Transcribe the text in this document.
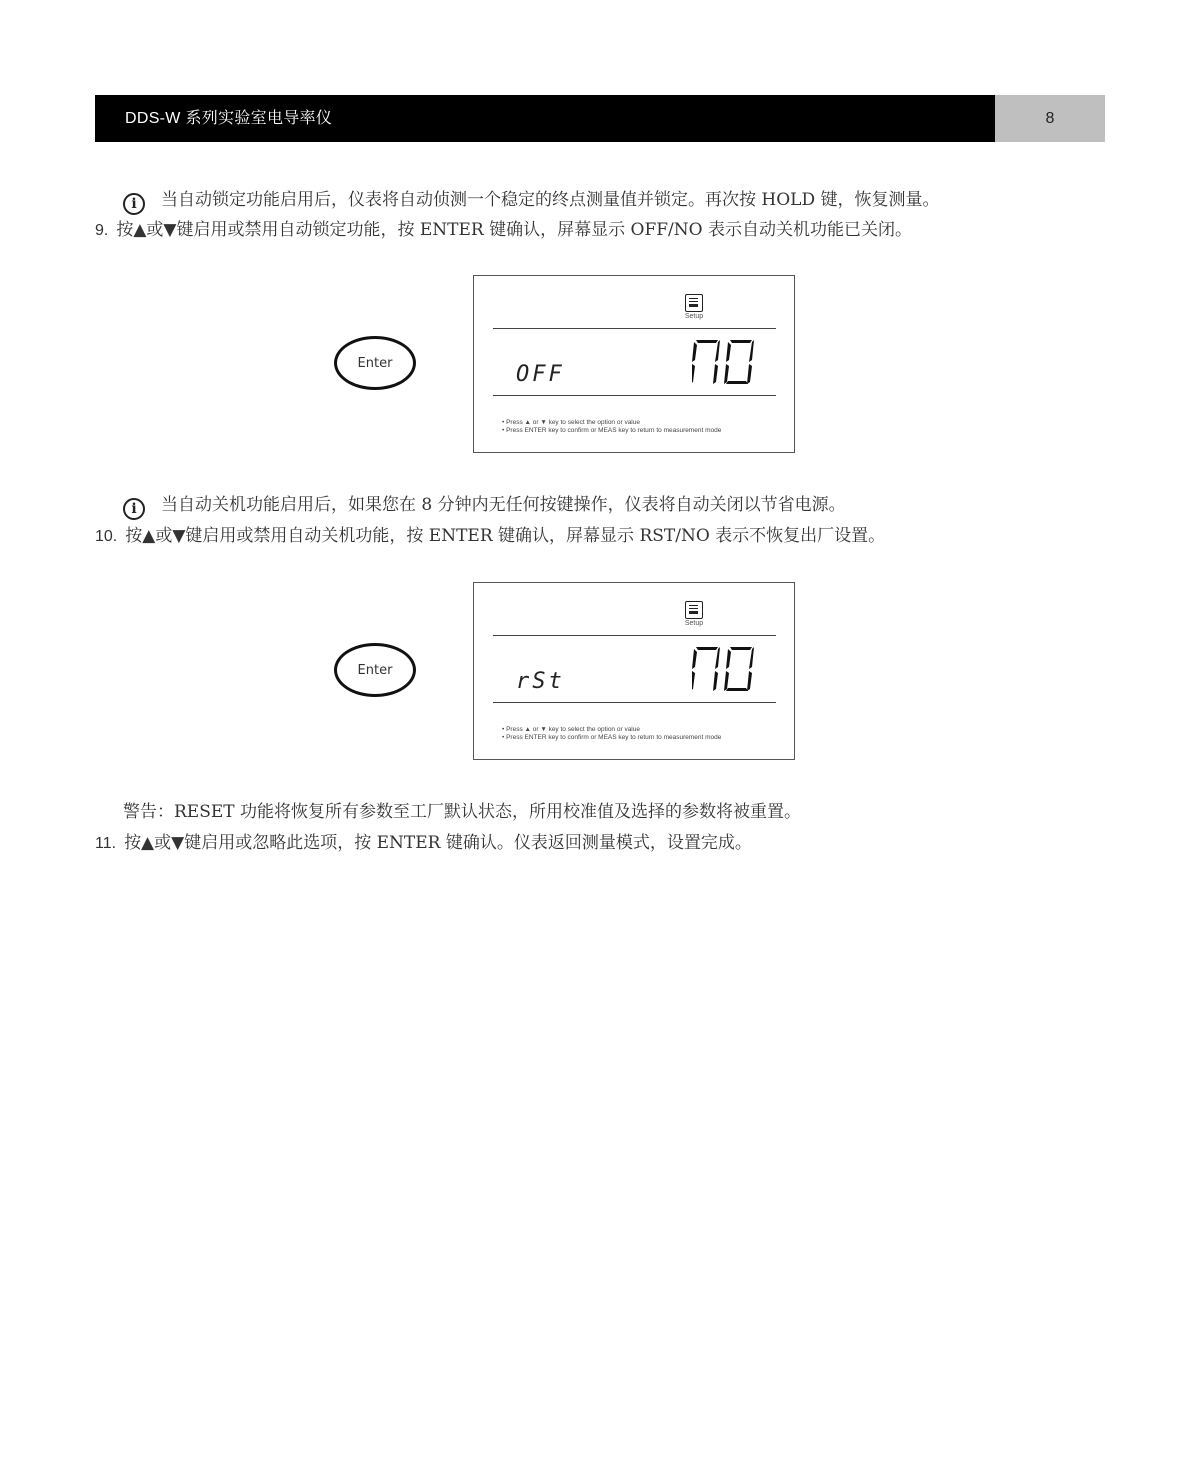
DDS-W 系列实验室电导率仪	8
i 当自动锁定功能启用后，仪表将自动侦测一个稳定的终点测量值并锁定。再次按 HOLD 键，恢复测量。
9. 按▲或▼键启用或禁用自动锁定功能，按 ENTER 键确认，屏幕显示 OFF/NO 表示自动关机功能已关闭。
Enter
Setup
OFF
• Press ▲ or ▼ key to select the option or value
• Press ENTER key to confirm or MEAS key to return to measurement mode
i 当自动关机功能启用后，如果您在 8 分钟内无任何按键操作，仪表将自动关闭以节省电源。
10. 按▲或▼键启用或禁用自动关机功能，按 ENTER 键确认，屏幕显示 RST/NO 表示不恢复出厂设置。
Enter
Setup
rSt
• Press ▲ or ▼ key to select the option or value
• Press ENTER key to confirm or MEAS key to return to measurement mode
警告：RESET 功能将恢复所有参数至工厂默认状态，所用校准值及选择的参数将被重置。
11. 按▲或▼键启用或忽略此选项，按 ENTER 键确认。仪表返回测量模式，设置完成。
